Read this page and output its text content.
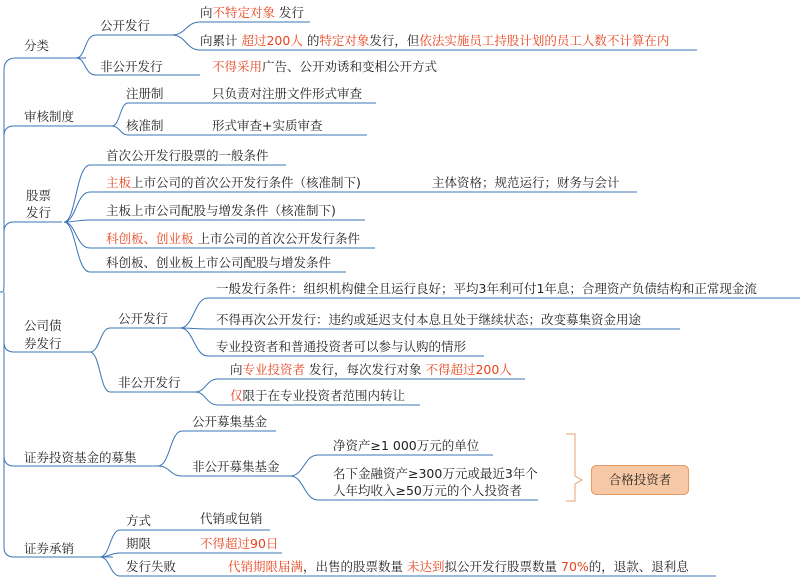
分类
公开发行
向不特定对象 发行
向累计 超过200人 的特定对象发行，但依法实施员工持股计划的员工人数不计算在内
非公开发行	不得采用广告、公开劝诱和变相公开方式
审核制度
注册制	只负责对注册文件形式审查
核准制	形式审查+实质审查
股票
发行
首次公开发行股票的一般条件
主板上市公司的首次公开发行条件（核准制下)	主体资格；规范运行；财务与会计
主板上市公司配股与增发条件（核准制下)
科创板、创业板 上市公司的首次公开发行条件
科创板、创业板上市公司配股与增发条件
公司债
券发行
公开发行
一般发行条件：组织机构健全且运行良好；平均3年利可付1年息；合理资产负债结构和正常现金流
不得再次公开发行：违约或延迟支付本息且处于继续状态；改变募集资金用途
专业投资者和普通投资者可以参与认购的情形
非公开发行
向专业投资者 发行，每次发行对象 不得超过200人
仅限于在专业投资者范围内转让
证券投资基金的募集
公开募集基金
非公开募集基金
净资产≥1 000万元的单位
名下金融资产≥300万元或最近3年个
人年均收入≥50万元的个人投资者
合格投资者
证券承销
方式	代销或包销
期限	不得超过90日
发行失败	代销期限届满，出售的股票数量 未达到拟公开发行股票数量 70%的，退款、退利息
